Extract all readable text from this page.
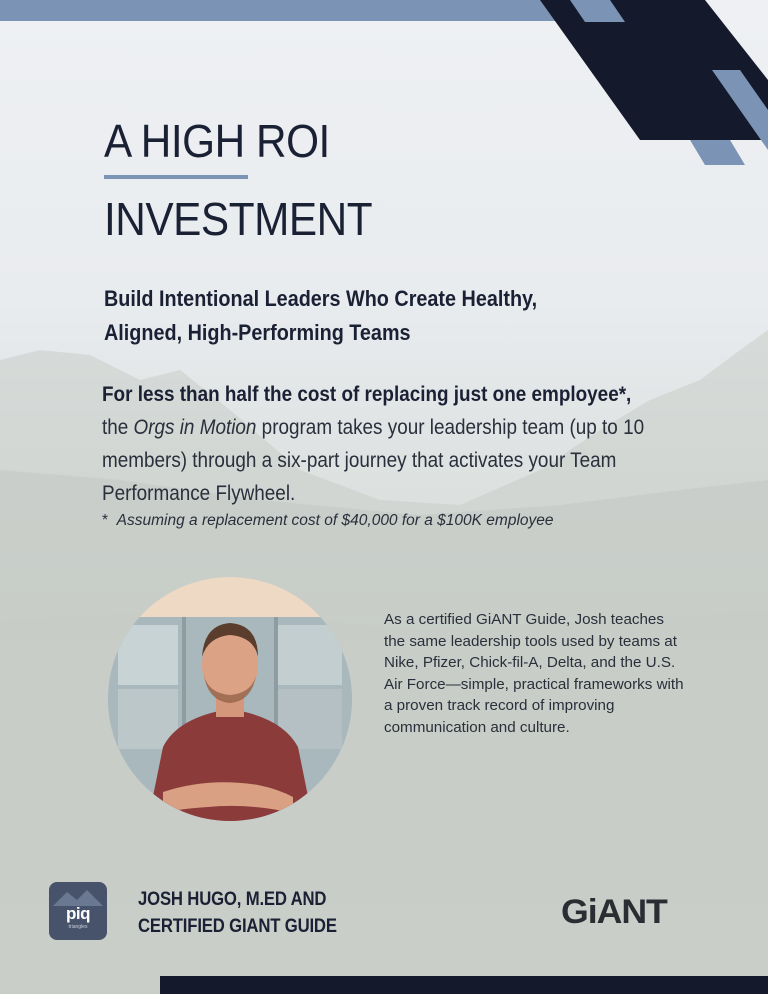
A HIGH ROI
INVESTMENT
Build Intentional Leaders Who Create Healthy,
Aligned, High-Performing Teams
For less than half the cost of replacing just one employee*,
the Orgs in Motion program takes your leadership team (up to 10 members) through a six-part journey that activates your Team Performance Flywheel.
* Assuming a replacement cost of $40,000 for a $100K employee
As a certified GiANT Guide, Josh teaches the same leadership tools used by teams at Nike, Pfizer, Chick-fil-A, Delta, and the U.S. Air Force—simple, practical frameworks with a proven track record of improving communication and culture.
piq
triangles
JOSH HUGO, M.ED AND
CERTIFIED GIANT GUIDE	GiANT
